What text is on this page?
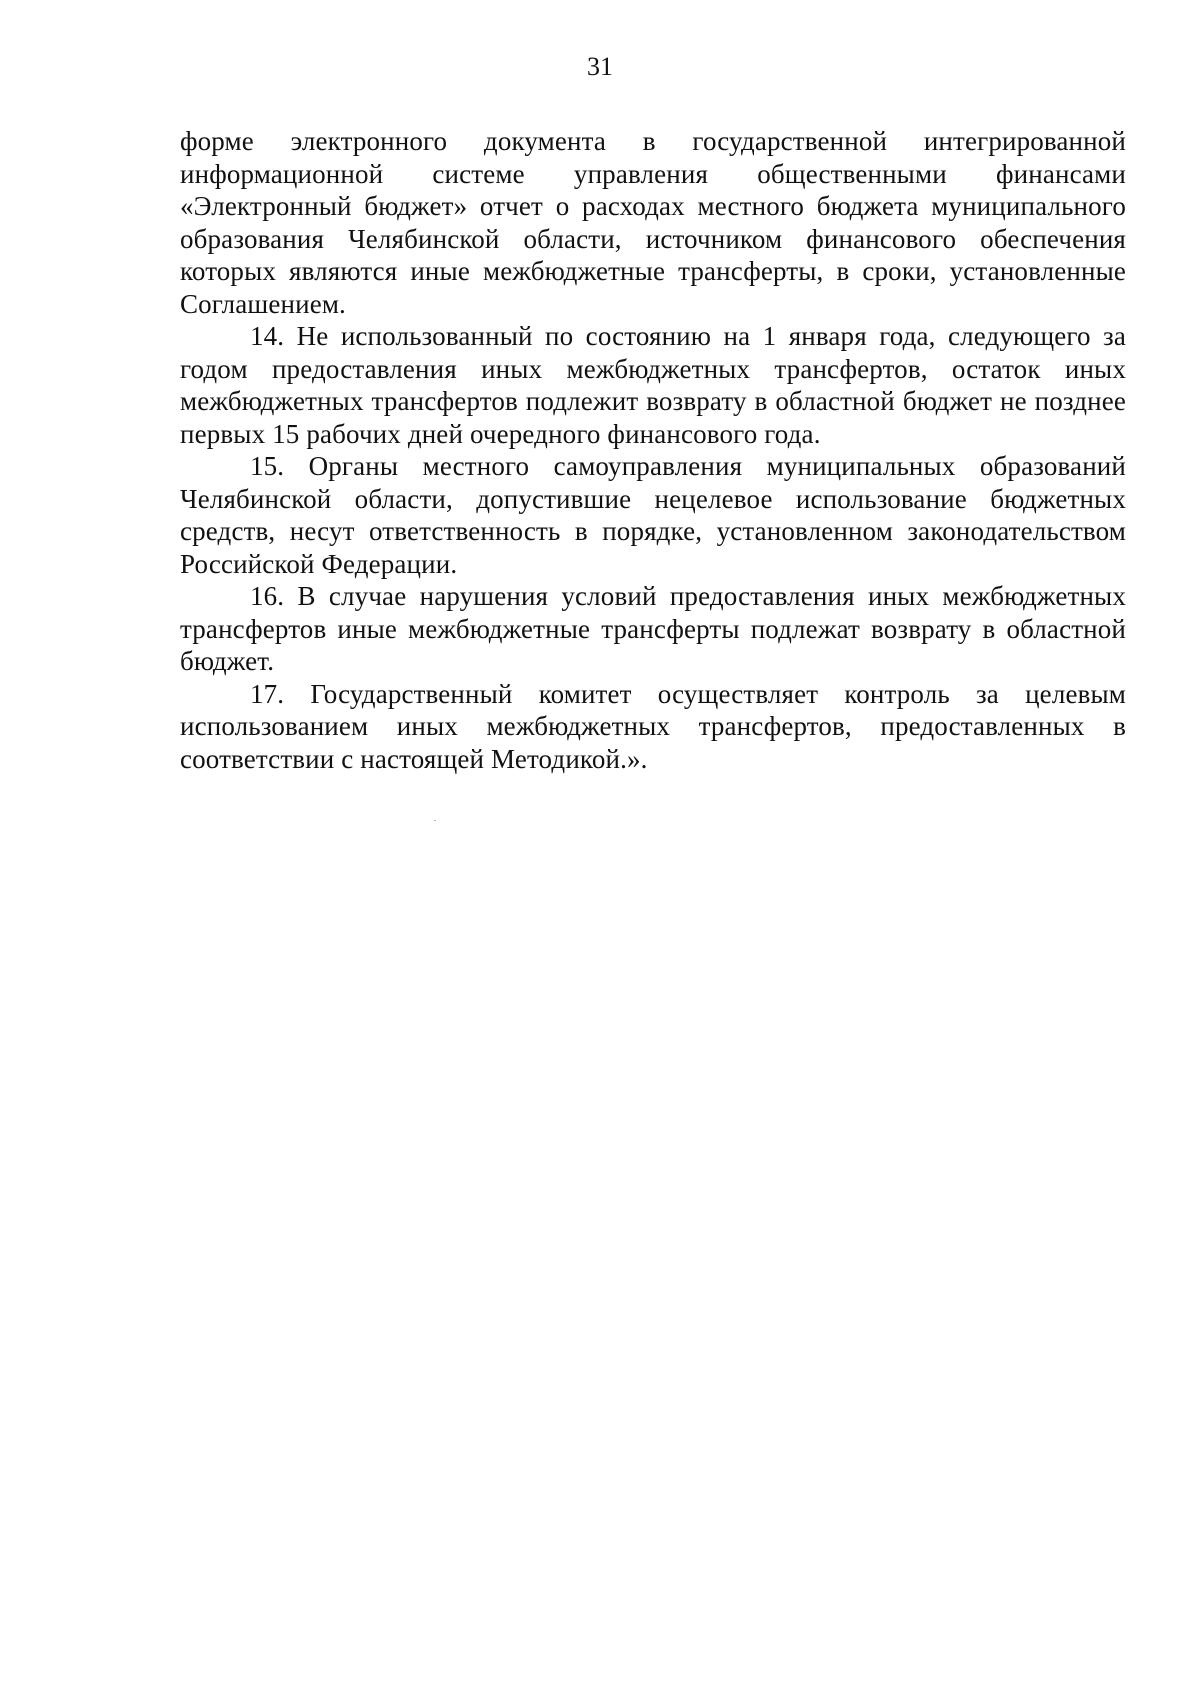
31

форме электронного документа в государственной интегрированной информационной системе управления общественными финансами «Электронный бюджет» отчет о расходах местного бюджета муниципального образования Челябинской области, источником финансового обеспечения которых являются иные межбюджетные трансферты, в сроки, установленные Соглашением.

14. Не использованный по состоянию на 1 января года, следующего за годом предоставления иных межбюджетных трансфертов, остаток иных межбюджетных трансфертов подлежит возврату в областной бюджет не позднее первых 15 рабочих дней очередного финансового года.

15. Органы местного самоуправления муниципальных образований Челябинской области, допустившие нецелевое использование бюджетных средств, несут ответственность в порядке, установленном законодательством Российской Федерации.

16. В случае нарушения условий предоставления иных межбюджетных трансфертов иные межбюджетные трансферты подлежат возврату в областной бюджет.

17. Государственный комитет осуществляет контроль за целевым использованием иных межбюджетных трансфертов, предоставленных в соответствии с настоящей Методикой.».
